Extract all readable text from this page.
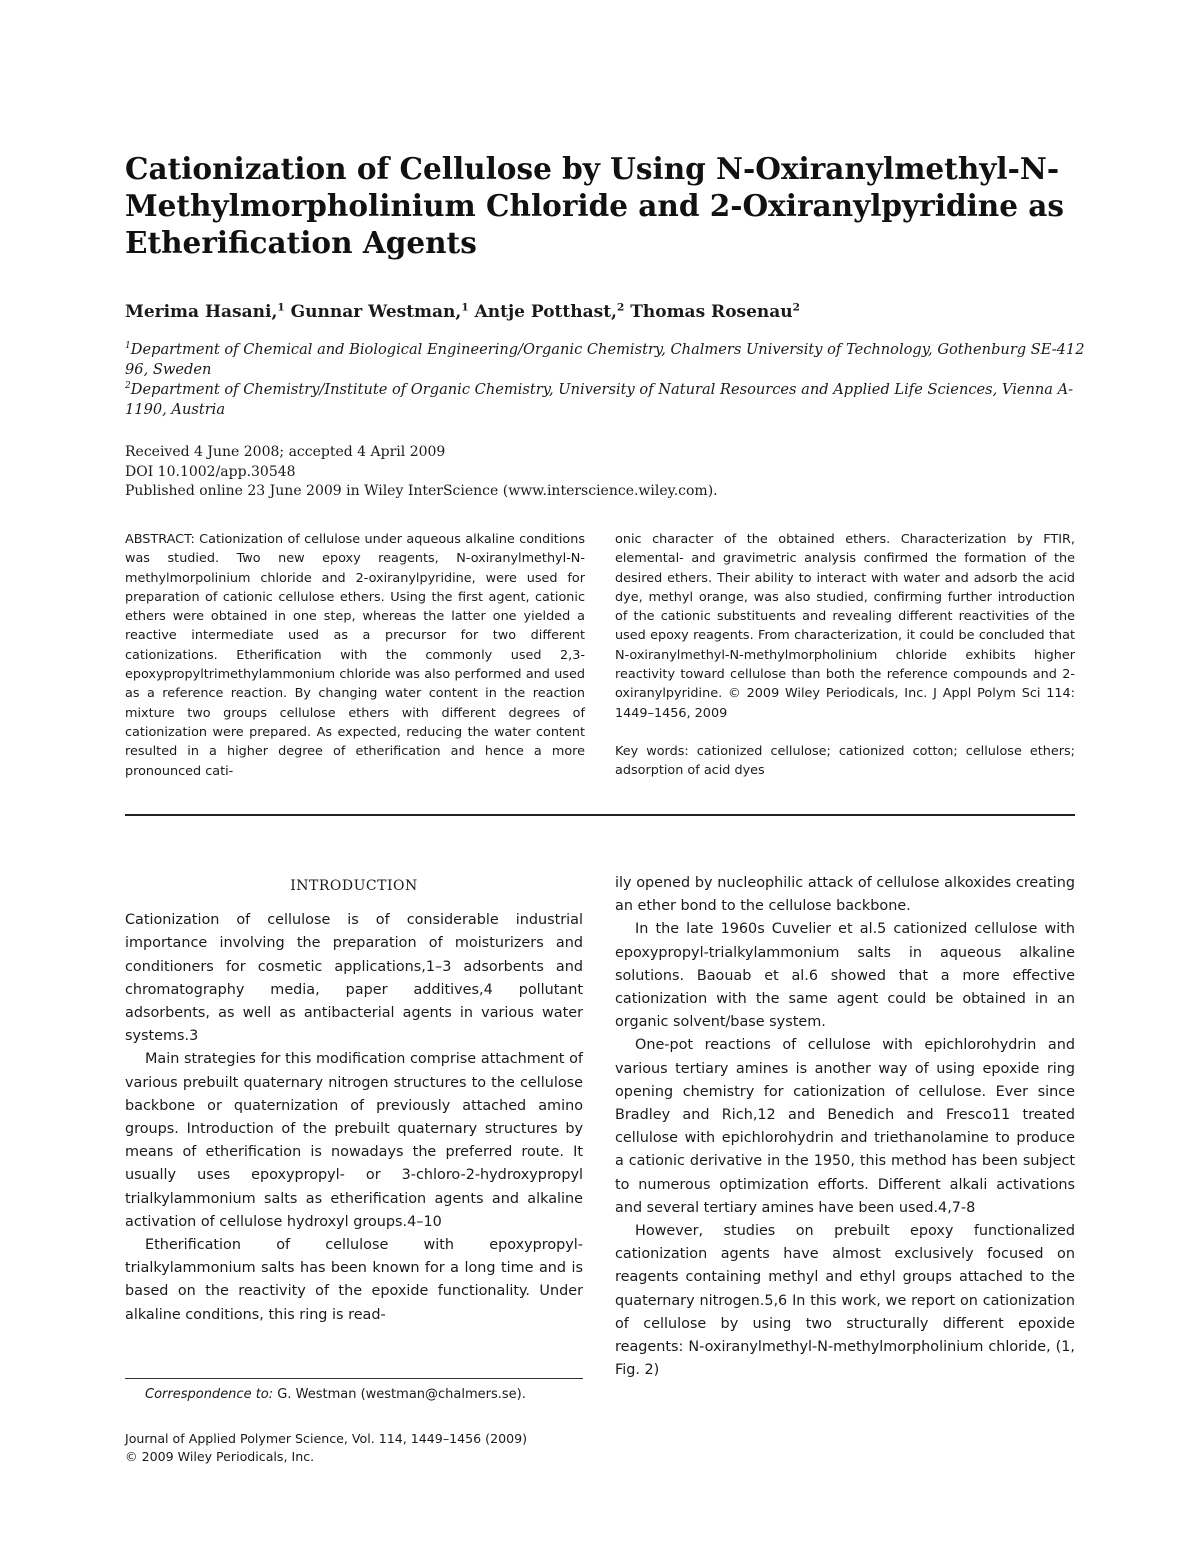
Cationization of Cellulose by Using N-Oxiranylmethyl-N-Methylmorpholinium Chloride and 2-Oxiranylpyridine as Etherification Agents
Merima Hasani,$^1$ Gunnar Westman,$^1$ Antje Potthast,$^2$ Thomas Rosenau$^2$

$^1$Department of Chemical and Biological Engineering/Organic Chemistry, Chalmers University of Technology, Gothenburg SE-412 96, Sweden

$^2$Department of Chemistry/Institute of Organic Chemistry, University of Natural Resources and Applied Life Sciences, Vienna A-1190, Austria

Received 4 June 2008; accepted 4 April 2009

DOI 10.1002/app.30548

Published online 23 June 2009 in Wiley InterScience (www.interscience.wiley.com).

ABSTRACT: Cationization of cellulose under aqueous alkaline conditions was studied. Two new epoxy reagents, N-oxiranylmethyl-N-methylmorpolinium chloride and 2-oxiranylpyridine, were used for preparation of cationic cellulose ethers. Using the first agent, cationic ethers were obtained in one step, whereas the latter one yielded a reactive intermediate used as a precursor for two different cationizations. Etherification with the commonly used 2,3-epoxypropyltrimethylammonium chloride was also performed and used as a reference reaction. By changing water content in the reaction mixture two groups cellulose ethers with different degrees of cationization were prepared. As expected, reducing the water content resulted in a higher degree of etherification and hence a more pronounced cati-

onic character of the obtained ethers. Characterization by FTIR, elemental- and gravimetric analysis confirmed the formation of the desired ethers. Their ability to interact with water and adsorb the acid dye, methyl orange, was also studied, confirming further introduction of the cationic substituents and revealing different reactivities of the used epoxy reagents. From characterization, it could be concluded that N-oxiranylmethyl-N-methylmorpholinium chloride exhibits higher reactivity toward cellulose than both the reference compounds and 2-oxiranylpyridine. © 2009 Wiley Periodicals, Inc. J Appl Polym Sci 114: 1449–1456, 2009

Key words: cationized cellulose; cationized cotton; cellulose ethers; adsorption of acid dyes

INTRODUCTION

Cationization of cellulose is of considerable industrial importance involving the preparation of moisturizers and conditioners for cosmetic applications,1–3 adsorbents and chromatography media, paper additives,4 pollutant adsorbents, as well as antibacterial agents in various water systems.3

Main strategies for this modification comprise attachment of various prebuilt quaternary nitrogen structures to the cellulose backbone or quaternization of previously attached amino groups. Introduction of the prebuilt quaternary structures by means of etherification is nowadays the preferred route. It usually uses epoxypropyl- or 3-chloro-2-hydroxypropyl trialkylammonium salts as etherification agents and alkaline activation of cellulose hydroxyl groups.4–10

Etherification of cellulose with epoxypropyl-trialkylammonium salts has been known for a long time and is based on the reactivity of the epoxide functionality. Under alkaline conditions, this ring is read-

ily opened by nucleophilic attack of cellulose alkoxides creating an ether bond to the cellulose backbone.

In the late 1960s Cuvelier et al.5 cationized cellulose with epoxypropyl-trialkylammonium salts in aqueous alkaline solutions. Baouab et al.6 showed that a more effective cationization with the same agent could be obtained in an organic solvent/base system.

One-pot reactions of cellulose with epichlorohydrin and various tertiary amines is another way of using epoxide ring opening chemistry for cationization of cellulose. Ever since Bradley and Rich,12 and Benedich and Fresco11 treated cellulose with epichlorohydrin and triethanolamine to produce a cationic derivative in the 1950, this method has been subject to numerous optimization efforts. Different alkali activations and several tertiary amines have been used.4,7-8

However, studies on prebuilt epoxy functionalized cationization agents have almost exclusively focused on reagents containing methyl and ethyl groups attached to the quaternary nitrogen.5,6 In this work, we report on cationization of cellulose by using two structurally different epoxide reagents: N-oxiranylmethyl-N-methylmorpholinium chloride, (1, Fig. 2)

Correspondence to: G. Westman (westman@chalmers.se).

Journal of Applied Polymer Science, Vol. 114, 1449–1456 (2009)

© 2009 Wiley Periodicals, Inc.
